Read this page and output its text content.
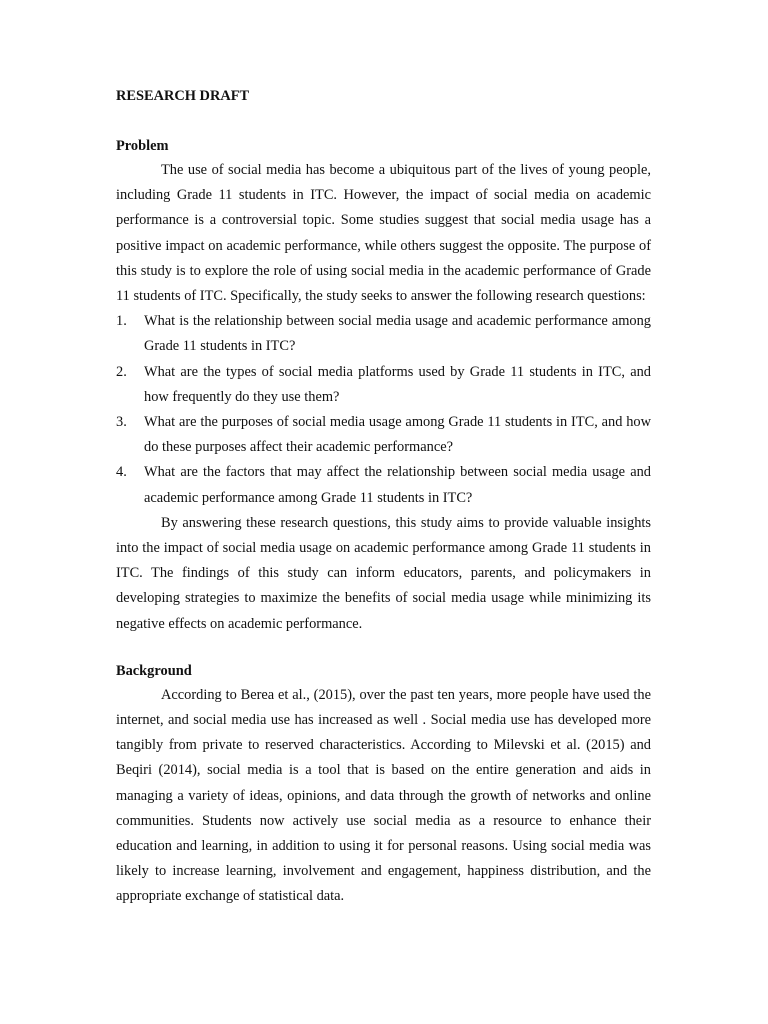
RESEARCH DRAFT
Problem

The use of social media has become a ubiquitous part of the lives of young people, including Grade 11 students in ITC. However, the impact of social media on academic performance is a controversial topic. Some studies suggest that social media usage has a positive impact on academic performance, while others suggest the opposite. The purpose of this study is to explore the role of using social media in the academic performance of Grade 11 students of ITC. Specifically, the study seeks to answer the following research questions:

1. What is the relationship between social media usage and academic performance among Grade 11 students in ITC?
2. What are the types of social media platforms used by Grade 11 students in ITC, and how frequently do they use them?
3. What are the purposes of social media usage among Grade 11 students in ITC, and how do these purposes affect their academic performance?
4. What are the factors that may affect the relationship between social media usage and academic performance among Grade 11 students in ITC?

By answering these research questions, this study aims to provide valuable insights into the impact of social media usage on academic performance among Grade 11 students in ITC. The findings of this study can inform educators, parents, and policymakers in developing strategies to maximize the benefits of social media usage while minimizing its negative effects on academic performance.

Background

According to Berea et al., (2015), over the past ten years, more people have used the internet, and social media use has increased as well . Social media use has developed more tangibly from private to reserved characteristics. According to Milevski et al. (2015) and Beqiri (2014), social media is a tool that is based on the entire generation and aids in managing a variety of ideas, opinions, and data through the growth of networks and online communities. Students now actively use social media as a resource to enhance their education and learning, in addition to using it for personal reasons. Using social media was likely to increase learning, involvement and engagement, happiness distribution, and the appropriate exchange of statistical data.
